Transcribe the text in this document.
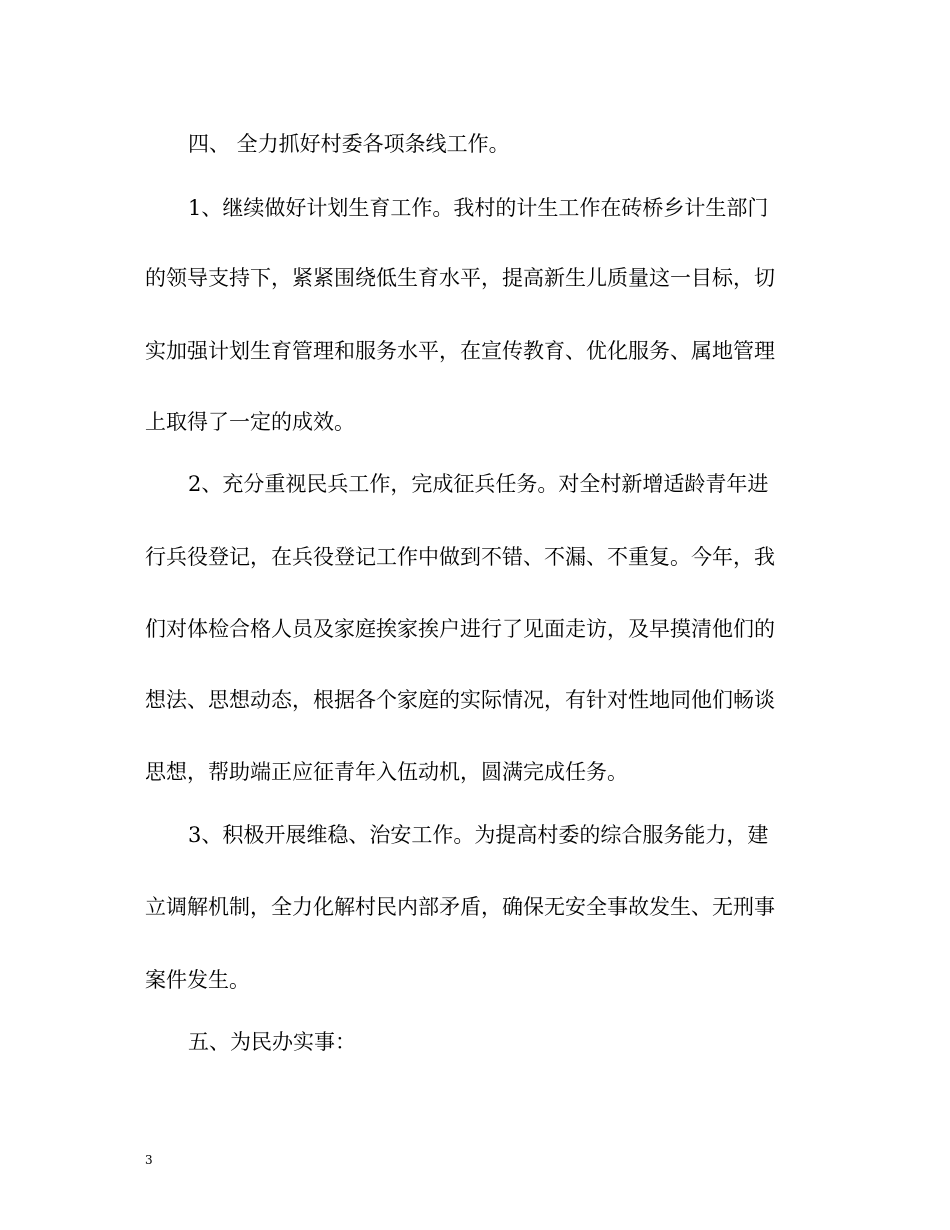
四、 全力抓好村委各项条线工作。
1、继续做好计划生育工作。我村的计生工作在砖桥乡计生部门
的领导支持下，紧紧围绕低生育水平，提高新生儿质量这一目标，切
实加强计划生育管理和服务水平，在宣传教育、优化服务、属地管理
上取得了一定的成效。
2、充分重视民兵工作，完成征兵任务。对全村新增适龄青年进
行兵役登记，在兵役登记工作中做到不错、不漏、不重复。今年，我
们对体检合格人员及家庭挨家挨户进行了见面走访，及早摸清他们的
想法、思想动态，根据各个家庭的实际情况，有针对性地同他们畅谈
思想，帮助端正应征青年入伍动机，圆满完成任务。
3、积极开展维稳、治安工作。为提高村委的综合服务能力，建
立调解机制，全力化解村民内部矛盾，确保无安全事故发生、无刑事
案件发生。
五、为民办实事：
3
